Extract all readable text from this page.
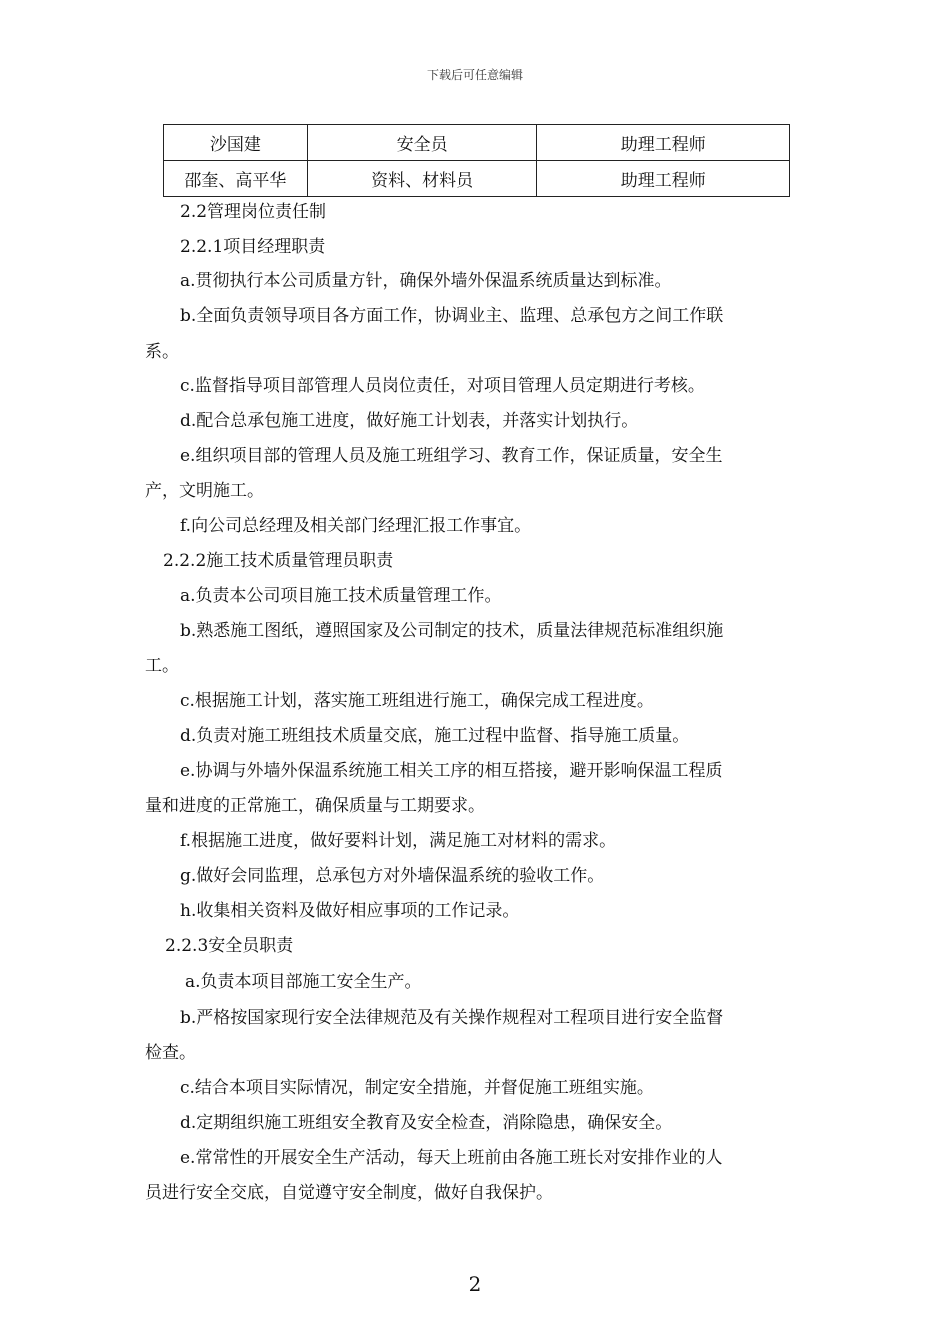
下载后可任意编辑
沙国建	安全员	助理工程师
邵奎、高平华	资料、材料员	助理工程师
2.2管理岗位责任制
2.2.1项目经理职责
a.贯彻执行本公司质量方针，确保外墙外保温系统质量达到标准。
b.全面负责领导项目各方面工作，协调业主、监理、总承包方之间工作联
系。
c.监督指导项目部管理人员岗位责任，对项目管理人员定期进行考核。
d.配合总承包施工进度，做好施工计划表，并落实计划执行。
e.组织项目部的管理人员及施工班组学习、教育工作，保证质量，安全生
产，文明施工。
f.向公司总经理及相关部门经理汇报工作事宜。
2.2.2施工技术质量管理员职责
a.负责本公司项目施工技术质量管理工作。
b.熟悉施工图纸，遵照国家及公司制定的技术，质量法律规范标准组织施
工。
c.根据施工计划，落实施工班组进行施工，确保完成工程进度。
d.负责对施工班组技术质量交底，施工过程中监督、指导施工质量。
e.协调与外墙外保温系统施工相关工序的相互搭接，避开影响保温工程质
量和进度的正常施工，确保质量与工期要求。
f.根据施工进度，做好要料计划，满足施工对材料的需求。
g.做好会同监理，总承包方对外墙保温系统的验收工作。
h.收集相关资料及做好相应事项的工作记录。
2.2.3安全员职责
a.负责本项目部施工安全生产。
b.严格按国家现行安全法律规范及有关操作规程对工程项目进行安全监督
检查。
c.结合本项目实际情况，制定安全措施，并督促施工班组实施。
d.定期组织施工班组安全教育及安全检查，消除隐患，确保安全。
e.常常性的开展安全生产活动，每天上班前由各施工班长对安排作业的人
员进行安全交底，自觉遵守安全制度，做好自我保护。
2
